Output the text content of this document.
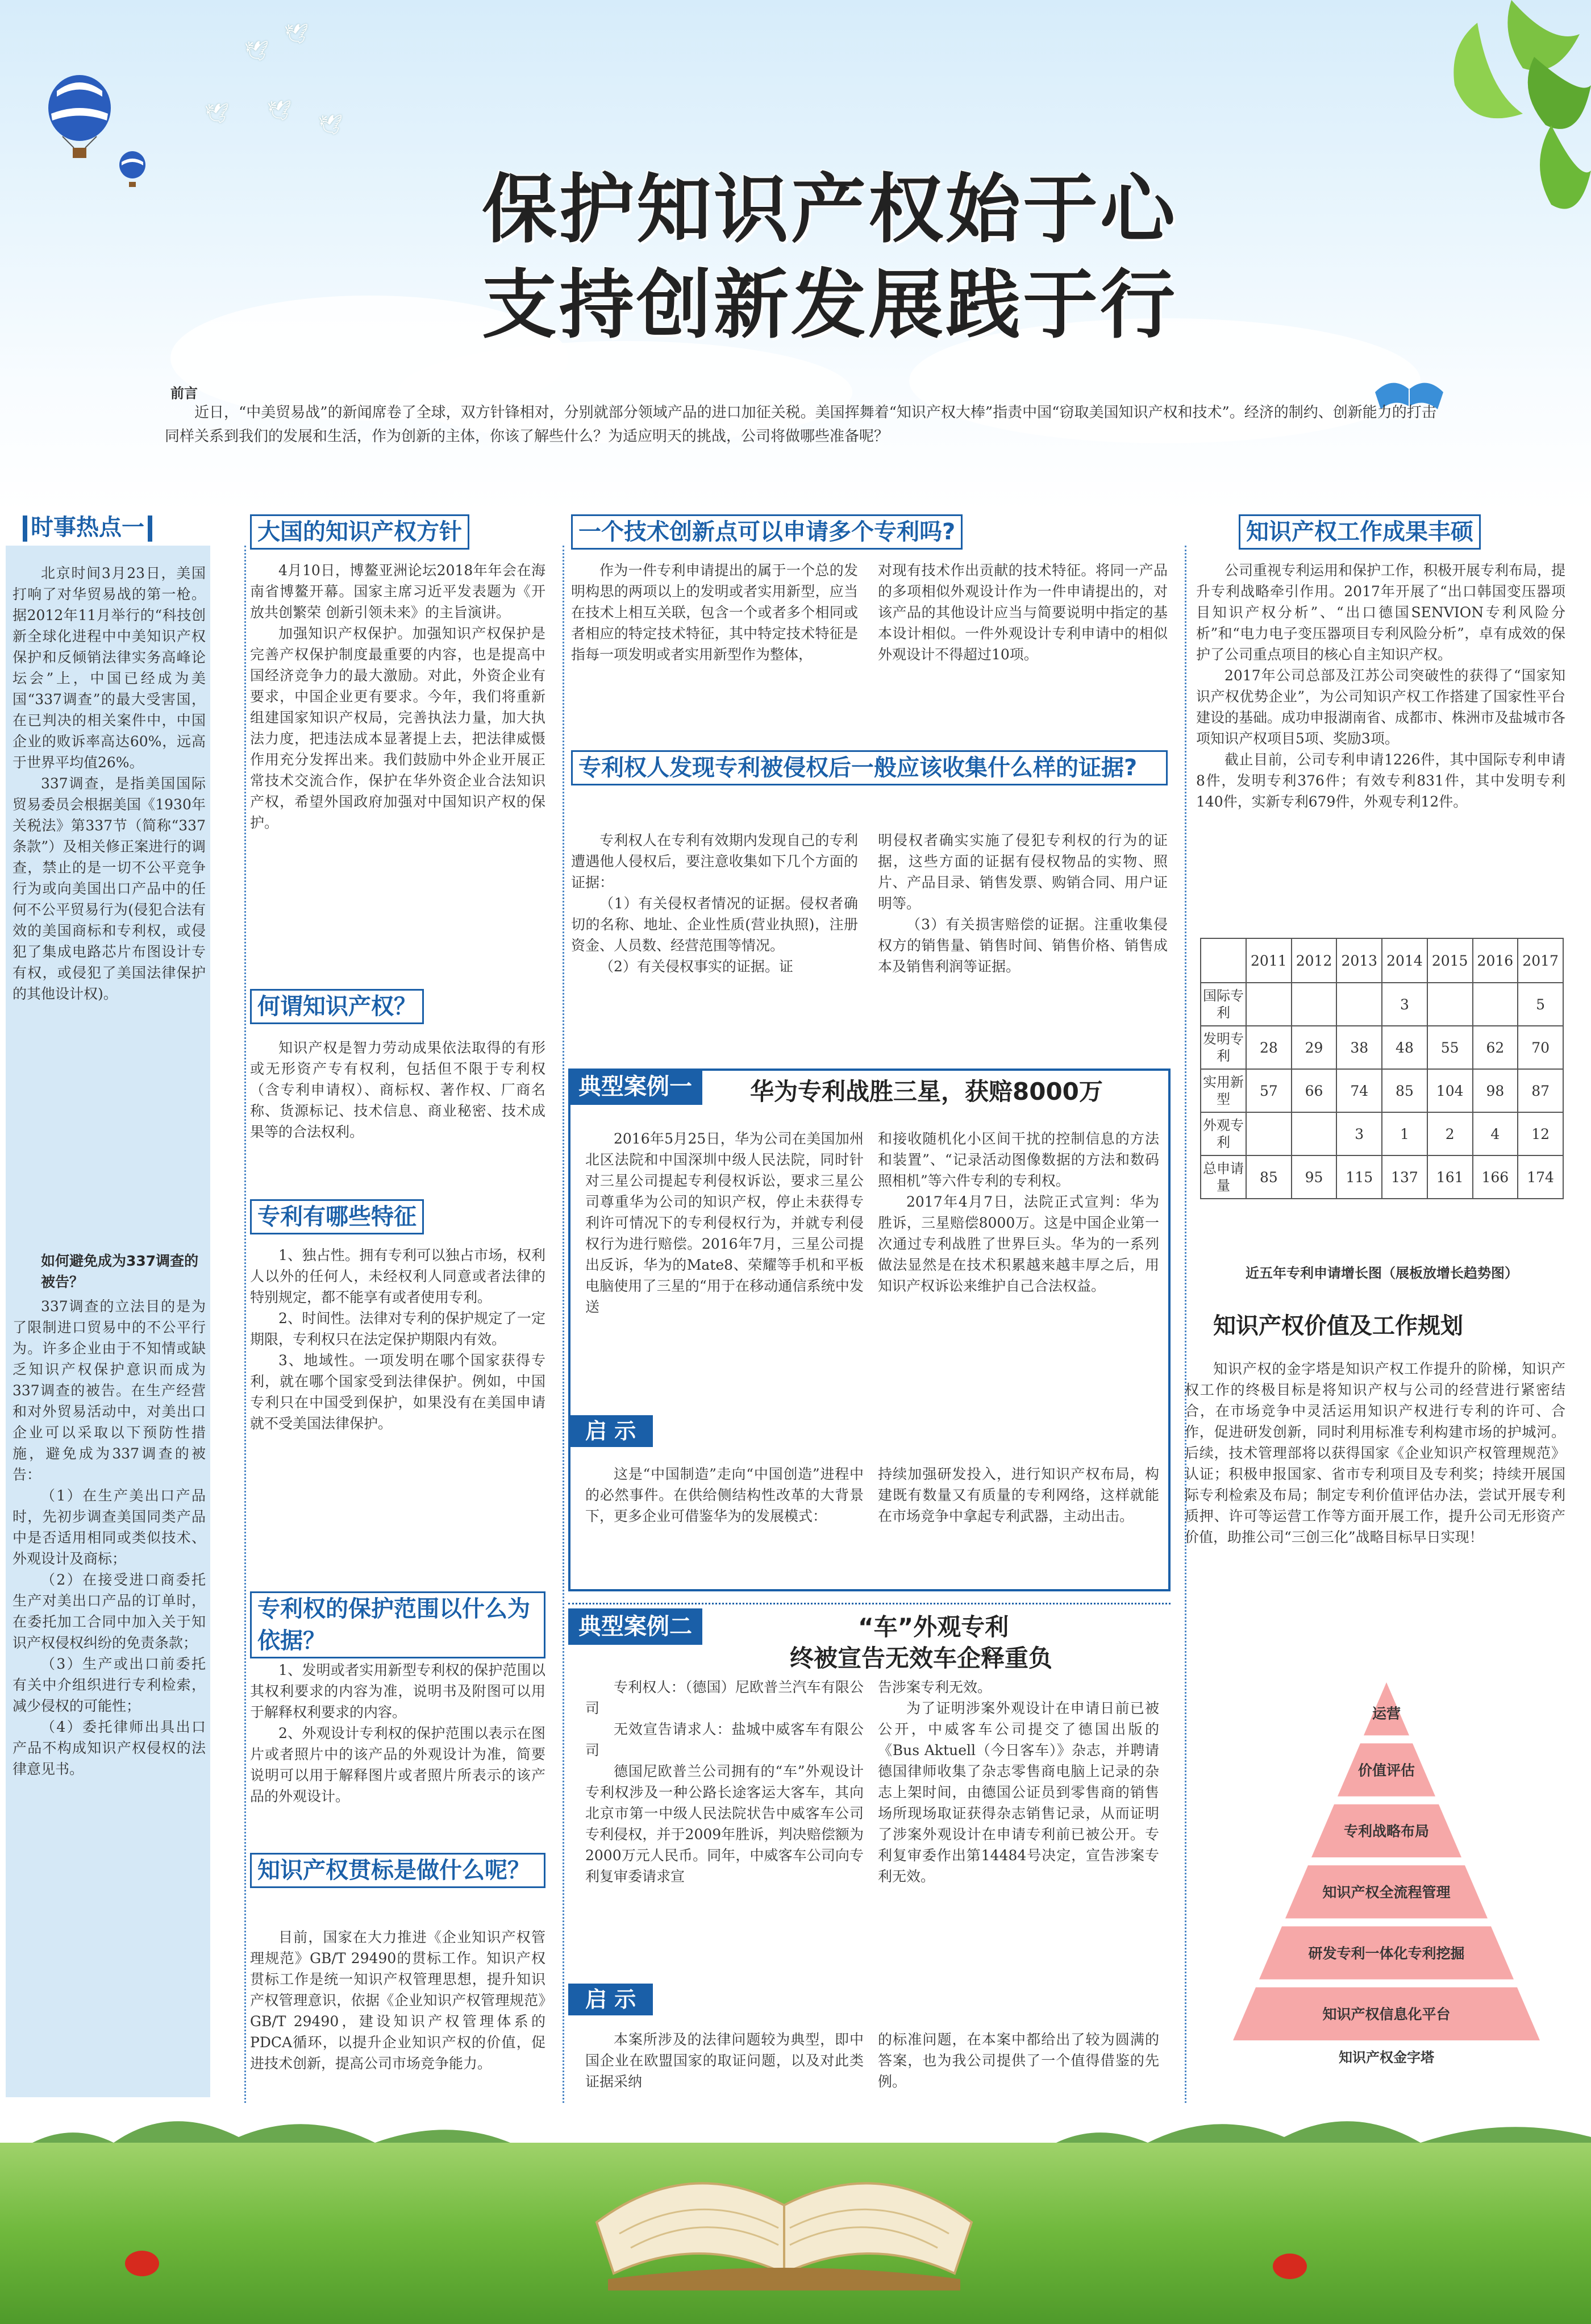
🕊
🕊
🕊
🕊
🕊
保护知识产权始于心
支持创新发展践于行
前言
近日，“中美贸易战”的新闻席卷了全球，双方针锋相对，分别就部分领域产品的进口加征关税。美国挥舞着“知识产权大棒”指责中国“窃取美国知识产权和技术”。经济的制约、创新能力的打击同样关系到我们的发展和生活，作为创新的主体，你该了解些什么？为适应明天的挑战，公司将做哪些准备呢？
时事热点一

北京时间3月23日，美国打响了对华贸易战的第一枪。据2012年11月举行的“科技创新全球化进程中中美知识产权保护和反倾销法律实务高峰论坛会”上，中国已经成为美国“337调查”的最大受害国，在已判决的相关案件中，中国企业的败诉率高达60%，远高于世界平均值26%。

337调查，是指美国国际贸易委员会根据美国《1930年关税法》第337节（简称“337条款”）及相关修正案进行的调查，禁止的是一切不公平竞争行为或向美国出口产品中的任何不公平贸易行为(侵犯合法有效的美国商标和专利权，或侵犯了集成电路芯片布图设计专有权，或侵犯了美国法律保护的其他设计权)。

如何避免成为337调查的被告？

337调查的立法目的是为了限制进口贸易中的不公平行为。许多企业由于不知情或缺乏知识产权保护意识而成为337调查的被告。在生产经营和对外贸易活动中，对美出口企业可以采取以下预防性措施，避免成为337调查的被告：

（1）在生产美出口产品时，先初步调查美国同类产品中是否适用相同或类似技术、外观设计及商标；

（2）在接受进口商委托生产对美出口产品的订单时，在委托加工合同中加入关于知识产权侵权纠纷的免责条款；

（3）生产或出口前委托有关中介组织进行专利检索，减少侵权的可能性；

（4）委托律师出具出口产品不构成知识产权侵权的法律意见书。

大国的知识产权方针

4月10日，博鳌亚洲论坛2018年年会在海南省博鳌开幕。国家主席习近平发表题为《开放共创繁荣 创新引领未来》的主旨演讲。

加强知识产权保护。加强知识产权保护是完善产权保护制度最重要的内容，也是提高中国经济竞争力的最大激励。对此，外资企业有要求，中国企业更有要求。今年，我们将重新组建国家知识产权局，完善执法力量，加大执法力度，把违法成本显著提上去，把法律威慑作用充分发挥出来。我们鼓励中外企业开展正常技术交流合作，保护在华外资企业合法知识产权，希望外国政府加强对中国知识产权的保护。

何谓知识产权？

知识产权是智力劳动成果依法取得的有形或无形资产专有权利，包括但不限于专利权（含专利申请权）、商标权、著作权、厂商名称、货源标记、技术信息、商业秘密、技术成果等的合法权利。

专利有哪些特征

1、独占性。拥有专利可以独占市场，权利人以外的任何人，未经权利人同意或者法律的特别规定，都不能享有或者使用专利。

2、时间性。法律对专利的保护规定了一定期限，专利权只在法定保护期限内有效。

3、地域性。一项发明在哪个国家获得专利，就在哪个国家受到法律保护。例如，中国专利只在中国受到保护，如果没有在美国申请就不受美国法律保护。

专利权的保护范围以什么为依据？

1、发明或者实用新型专利权的保护范围以其权利要求的内容为准，说明书及附图可以用于解释权利要求的内容。

2、外观设计专利权的保护范围以表示在图片或者照片中的该产品的外观设计为准，简要说明可以用于解释图片或者照片所表示的该产品的外观设计。

知识产权贯标是做什么呢？

目前，国家在大力推进《企业知识产权管理规范》GB/T 29490的贯标工作。知识产权贯标工作是统一知识产权管理思想，提升知识产权管理意识，依据《企业知识产权管理规范》GB/T 29490，建设知识产权管理体系的PDCA循环，以提升企业知识产权的价值，促进技术创新，提高公司市场竞争能力。

一个技术创新点可以申请多个专利吗?
作为一件专利申请提出的属于一个总的发明构思的两项以上的发明或者实用新型，应当在技术上相互关联，包含一个或者多个相同或者相应的特定技术特征，其中特定技术特征是指每一项发明或者实用新型作为整体，
对现有技术作出贡献的技术特征。将同一产品的多项相似外观设计作为一件申请提出的，对该产品的其他设计应当与简要说明中指定的基本设计相似。一件外观设计专利申请中的相似外观设计不得超过10项。
专利权人发现专利被侵权后一般应该收集什么样的证据?

专利权人在专利有效期内发现自己的专利遭遇他人侵权后，要注意收集如下几个方面的证据：

（1）有关侵权者情况的证据。侵权者确切的名称、地址、企业性质(营业执照)，注册资金、人员数、经营范围等情况。

（2）有关侵权事实的证据。证

明侵权者确实实施了侵犯专利权的行为的证据，这些方面的证据有侵权物品的实物、照片、产品目录、销售发票、购销合同、用户证明等。

（3）有关损害赔偿的证据。注重收集侵权方的销售量、销售时间、销售价格、销售成本及销售利润等证据。

典型案例一	华为专利战胜三星，获赔8000万
2016年5月25日，华为公司在美国加州北区法院和中国深圳中级人民法院，同时针对三星公司提起专利侵权诉讼，要求三星公司尊重华为公司的知识产权，停止未获得专利许可情况下的专利侵权行为，并就专利侵权行为进行赔偿。2016年7月，三星公司提出反诉，华为的Mate8、荣耀等手机和平板电脑使用了三星的“用于在移动通信系统中发送

和接收随机化小区间干扰的控制信息的方法和装置”、“记录活动图像数据的方法和数码照相机”等六件专利的专利权。

2017年4月7日，法院正式宣判：华为胜诉，三星赔偿8000万。这是中国企业第一次通过专利战胜了世界巨头。华为的一系列做法显然是在技术积累越来越丰厚之后，用知识产权诉讼来维护自己合法权益。

启 示
这是“中国制造”走向“中国创造”进程中的必然事件。在供给侧结构性改革的大背景下，更多企业可借鉴华为的发展模式：
持续加强研发投入，进行知识产权布局，构建既有数量又有质量的专利网络，这样就能在市场竞争中拿起专利武器，主动出击。
典型案例二	“车”外观专利
终被宣告无效车企释重负

专利权人：（德国）尼欧普兰汽车有限公司

无效宣告请求人：盐城中威客车有限公司

德国尼欧普兰公司拥有的“车”外观设计专利权涉及一种公路长途客运大客车，其向北京市第一中级人民法院状告中威客车公司专利侵权，并于2009年胜诉，判决赔偿额为2000万元人民币。同年，中威客车公司向专利复审委请求宣

告涉案专利无效。

为了证明涉案外观设计在申请日前已被公开，中威客车公司提交了德国出版的《Bus Aktuell（今日客车）》杂志，并聘请德国律师收集了杂志零售商电脑上记录的杂志上架时间，由德国公证员到零售商的销售场所现场取证获得杂志销售记录，从而证明了涉案外观设计在申请专利前已被公开。专利复审委作出第14484号决定，宣告涉案专利无效。

启 示
本案所涉及的法律问题较为典型，即中国企业在欧盟国家的取证问题，以及对此类证据采纳
的标准问题，在本案中都给出了较为圆满的答案，也为我公司提供了一个值得借鉴的先例。
知识产权工作成果丰硕

公司重视专利运用和保护工作，积极开展专利布局，提升专利战略牵引作用。2017年开展了“出口韩国变压器项目知识产权分析”、“出口德国SENVION专利风险分析”和“电力电子变压器项目专利风险分析”，卓有成效的保护了公司重点项目的核心自主知识产权。

2017年公司总部及江苏公司突破性的获得了“国家知识产权优势企业”，为公司知识产权工作搭建了国家性平台建设的基础。成功申报湖南省、成都市、株洲市及盐城市各项知识产权项目5项、奖励3项。

截止目前，公司专利申请1226件，其中国际专利申请8件，发明专利376件；有效专利831件，其中发明专利140件，实新专利679件，外观专利12件。

	2011	2012	2013	2014	2015	2016	2017
国际专利				3			5
发明专利	28	29	38	48	55	62	70
实用新型	57	66	74	85	104	98	87
外观专利			3	1	2	4	12
总申请量	85	95	115	137	161	166	174
近五年专利申请增长图（展板放增长趋势图）
知识产权价值及工作规划

知识产权的金字塔是知识产权工作提升的阶梯，知识产权工作的终极目标是将知识产权与公司的经营进行紧密结合，在市场竞争中灵活运用知识产权进行专利的许可、合作，促进研发创新，同时利用标准专利构建市场的护城河。后续，技术管理部将以获得国家《企业知识产权管理规范》认证；积极申报国家、省市专利项目及专利奖；持续开展国际专利检索及布局；制定专利价值评估办法，尝试开展专利质押、许可等运营工作等方面开展工作，提升公司无形资产价值，助推公司“三创三化”战略目标早日实现！

运营
价值评估
专利战略布局
知识产权全流程管理
研发专利一体化专利挖掘
知识产权信息化平台
知识产权金字塔
